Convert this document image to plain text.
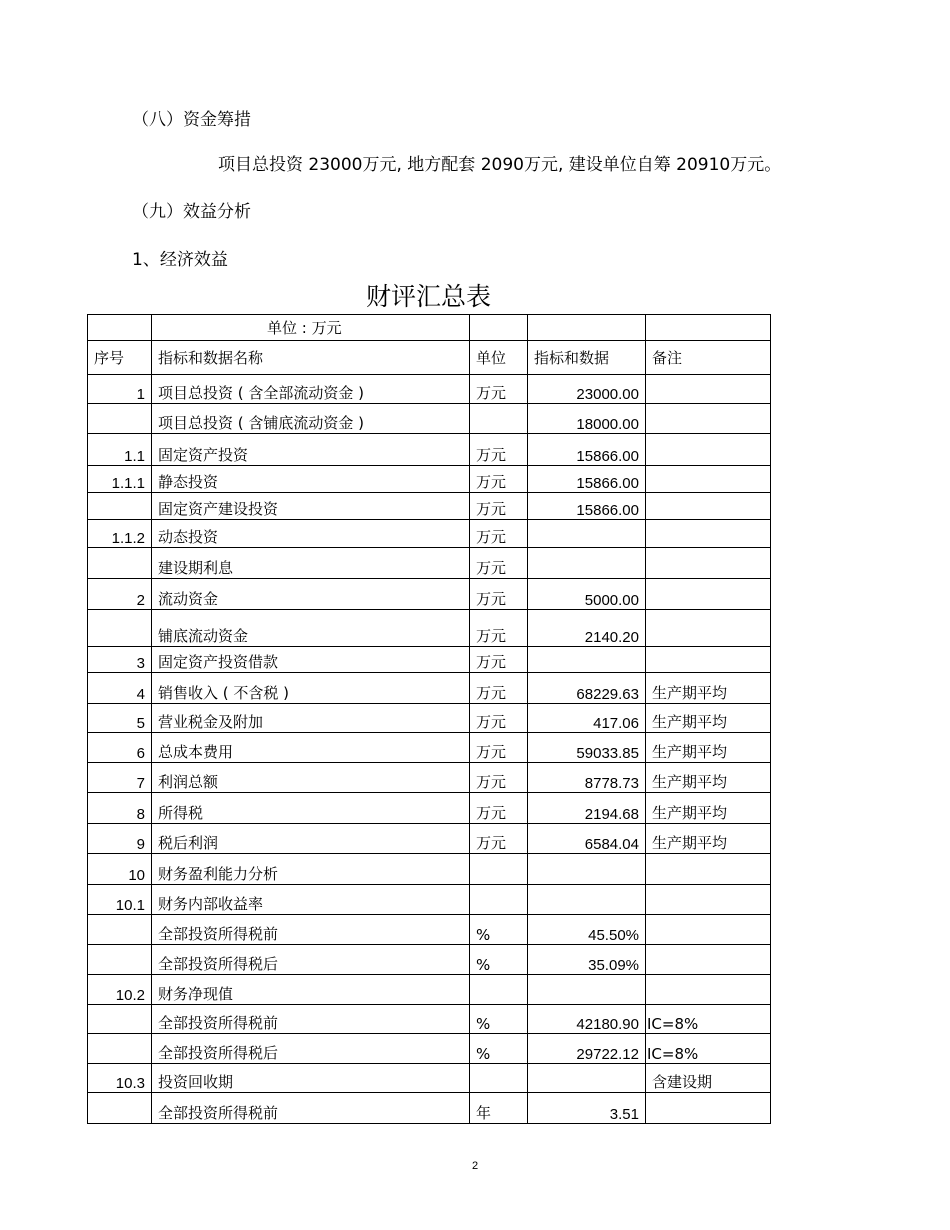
（八）资金筹措
项目总投资 23000万元, 地方配套 2090万元, 建设单位自筹 20910万元。
（九）效益分析
1、经济效益
财评汇总表
	单位 : 万元			
序号	指标和数据名称	单位	指标和数据	备注
1	项目总投资 ( 含全部流动资金 )	万元	23000.00	
	项目总投资 ( 含铺底流动资金 )		18000.00	
1.1	固定资产投资	万元	15866.00	
1.1.1	静态投资	万元	15866.00	
	固定资产建设投资	万元	15866.00	
1.1.2	动态投资	万元		
	建设期利息	万元		
2	流动资金	万元	5000.00	
	铺底流动资金	万元	2140.20	
3	固定资产投资借款	万元		
4	销售收入 ( 不含税 )	万元	68229.63	生产期平均
5	营业税金及附加	万元	417.06	生产期平均
6	总成本费用	万元	59033.85	生产期平均
7	利润总额	万元	8778.73	生产期平均
8	所得税	万元	2194.68	生产期平均
9	税后利润	万元	6584.04	生产期平均
10	财务盈利能力分析			
10.1	财务内部收益率			
	全部投资所得税前	%	45.50%	
	全部投资所得税后	%	35.09%	
10.2	财务净现值			
	全部投资所得税前	%	42180.90	IC=8%
	全部投资所得税后	%	29722.12	IC=8%
10.3	投资回收期			含建设期
	全部投资所得税前	年	3.51	
2
